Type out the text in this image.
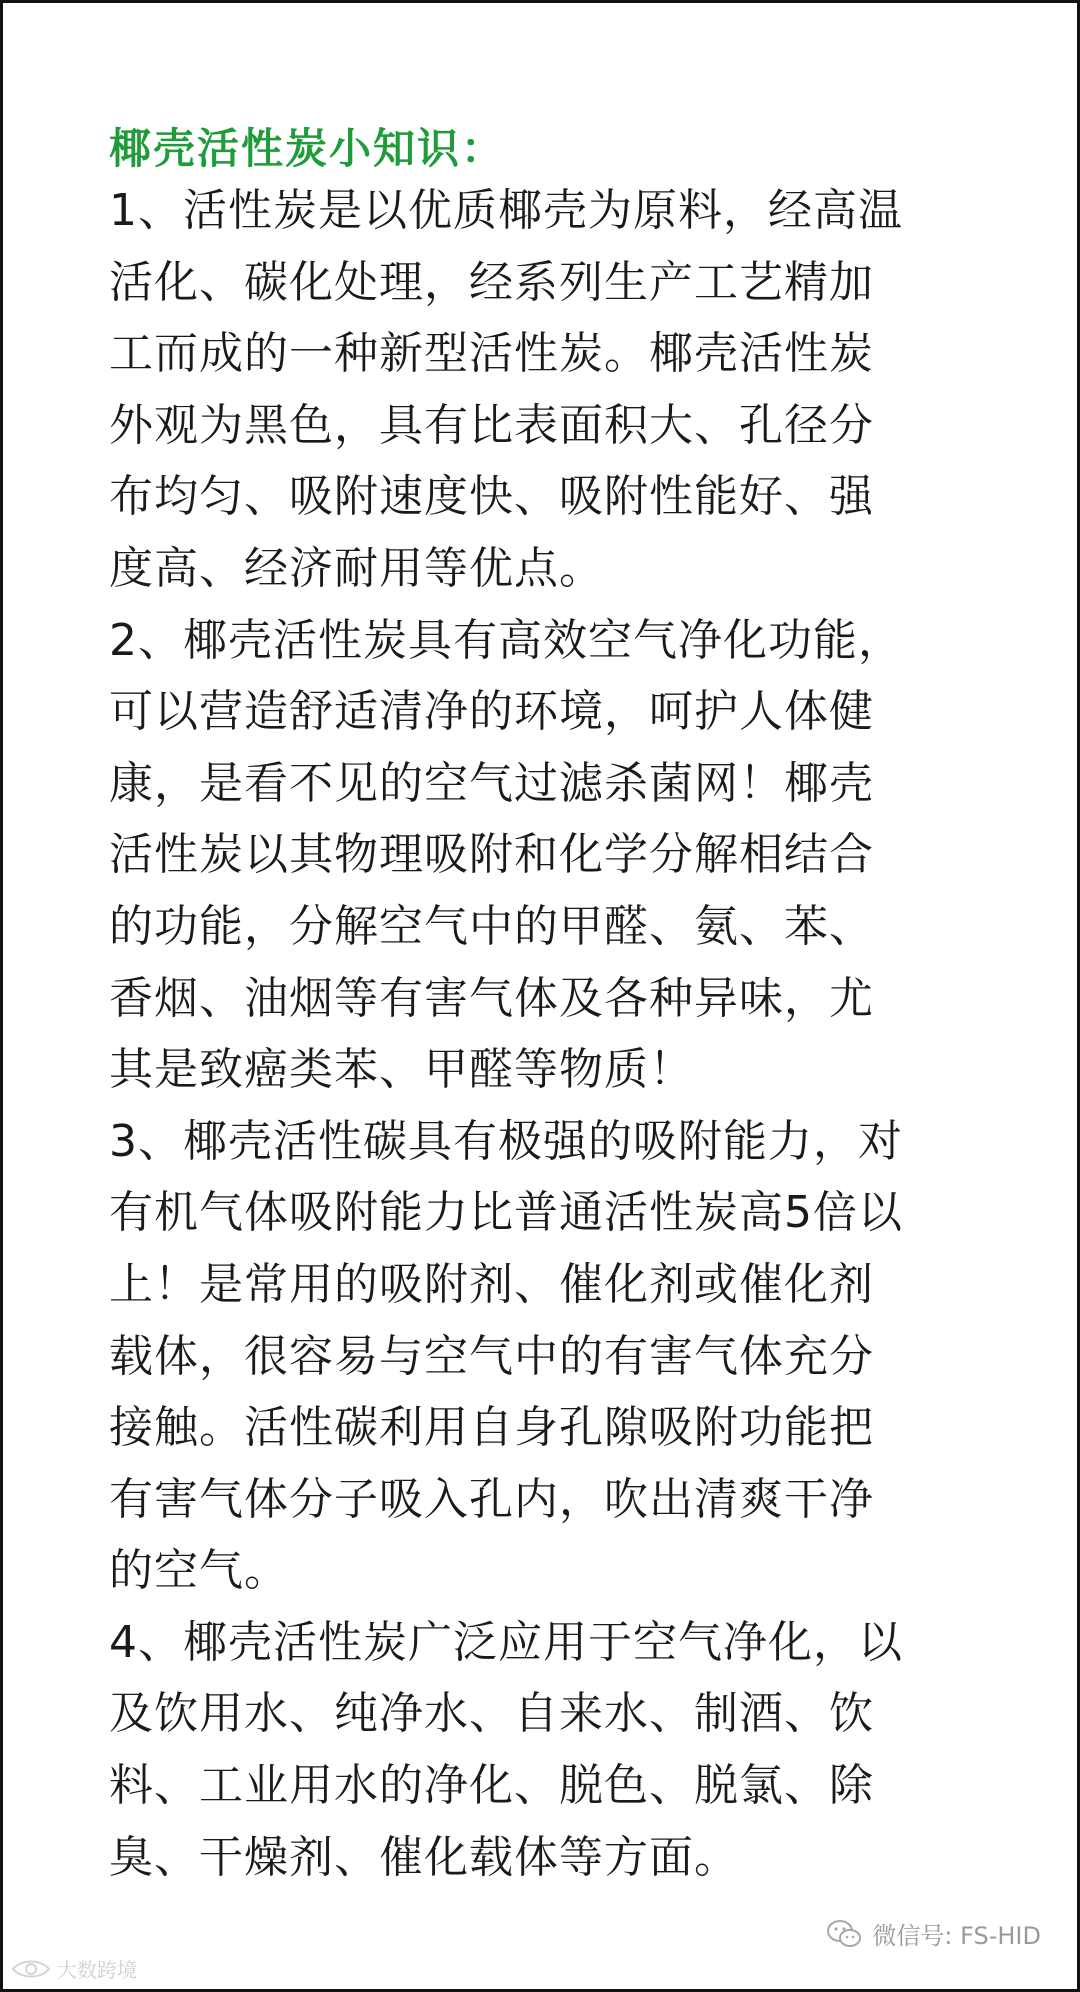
椰壳活性炭小知识：

1、活性炭是以优质椰壳为原料，经高温
活化、碳化处理，经系列生产工艺精加
工而成的一种新型活性炭。椰壳活性炭
外观为黑色，具有比表面积大、孔径分
布均匀、吸附速度快、吸附性能好、强
度高、经济耐用等优点。

2、椰壳活性炭具有高效空气净化功能，
可以营造舒适清净的环境，呵护人体健
康，是看不见的空气过滤杀菌网！椰壳
活性炭以其物理吸附和化学分解相结合
的功能，分解空气中的甲醛、氨、苯、
香烟、油烟等有害气体及各种异味，尤
其是致癌类苯、甲醛等物质！

3、椰壳活性碳具有极强的吸附能力，对
有机气体吸附能力比普通活性炭高5倍以
上！是常用的吸附剂、催化剂或催化剂
载体，很容易与空气中的有害气体充分
接触。活性碳利用自身孔隙吸附功能把
有害气体分子吸入孔内，吹出清爽干净
的空气。

4、椰壳活性炭广泛应用于空气净化，以
及饮用水、纯净水、自来水、制酒、饮
料、工业用水的净化、脱色、脱氯、除
臭、干燥剂、催化载体等方面。

微信号: FS-HID
大数跨境
